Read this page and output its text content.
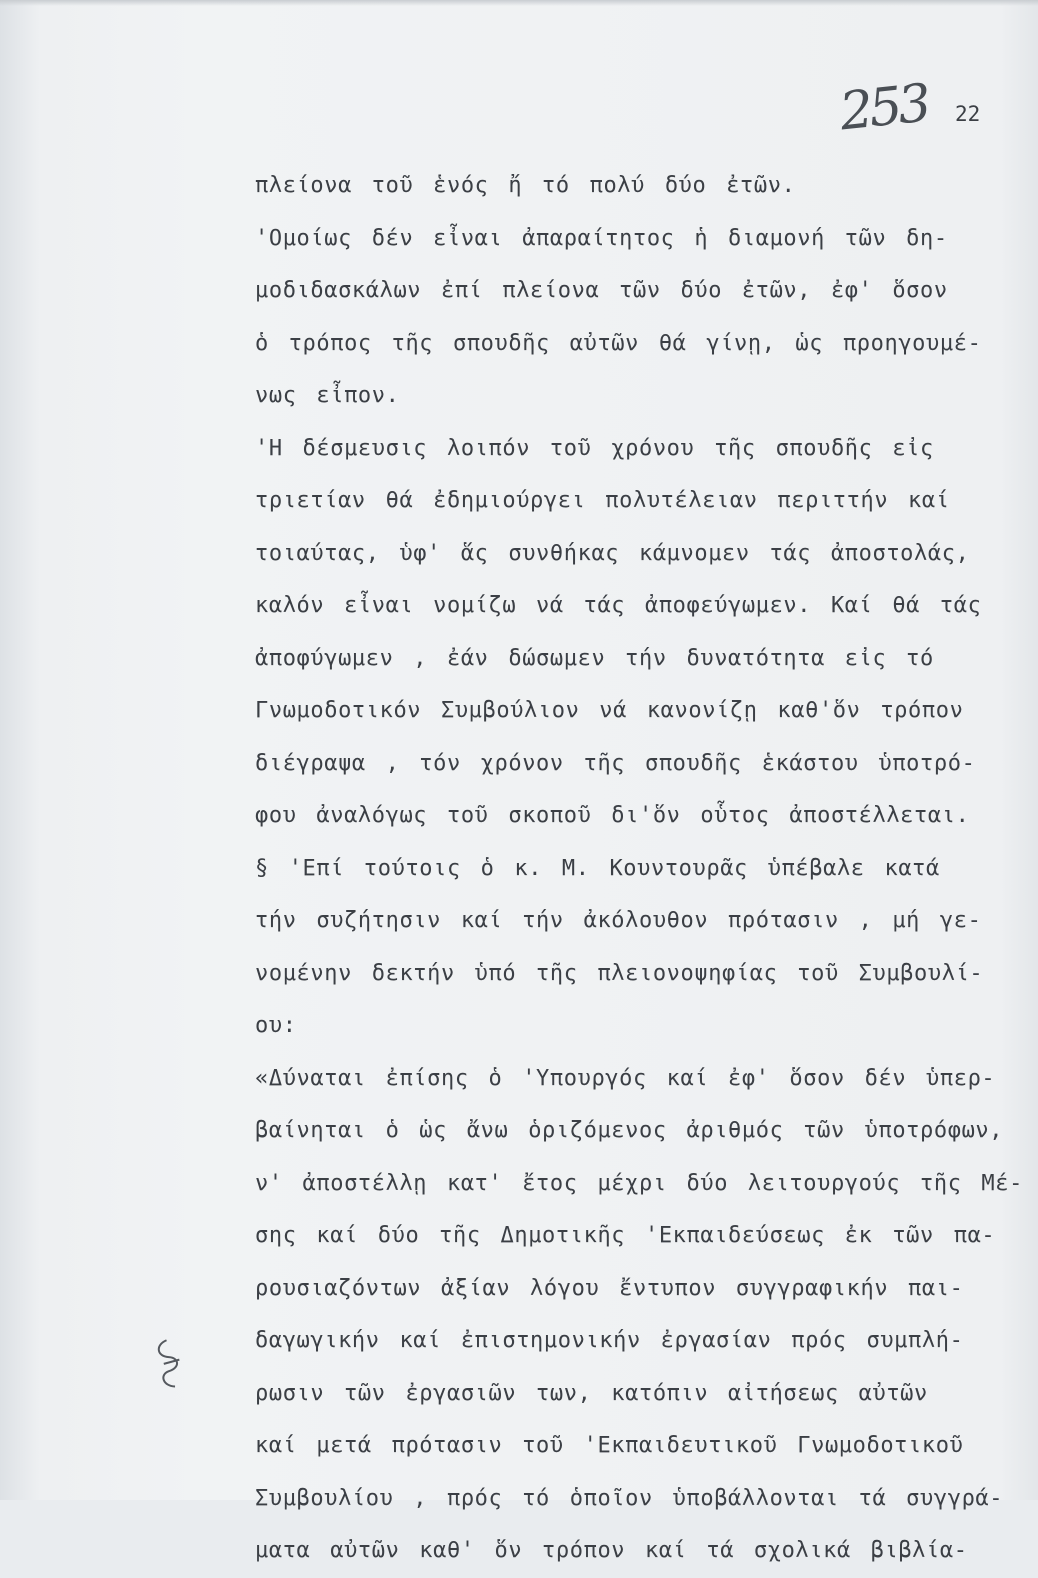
253 22
πλείονα τοῦ ἑνός ἤ τό πολύ δύο ἐτῶν.
'Ομοίως δέν εἶναι ἀπαραίτητος ἡ διαμονή τῶν δη-
μοδιδασκάλων ἐπί πλείονα τῶν δύο ἐτῶν, ἐφ' ὅσον
ὁ τρόπος τῆς σπουδῆς αὐτῶν θά γίνῃ, ὡς προηγουμέ-
νως εἶπον.
'Η δέσμευσις λοιπόν τοῦ χρόνου τῆς σπουδῆς εἰς
τριετίαν θά ἐδημιούργει πολυτέλειαν περιττήν καί
τοιαύτας, ὑφ' ἅς συνθήκας κάμνομεν τάς ἀποστολάς,
καλόν εἶναι νομίζω νά τάς ἀποφεύγωμεν. Καί θά τάς
ἀποφύγωμεν , ἐάν δώσωμεν τήν δυνατότητα εἰς τό
Γνωμοδοτικόν Συμβούλιον νά κανονίζῃ καθ'ὅν τρόπον
διέγραψα , τόν χρόνον τῆς σπουδῆς ἑκάστου ὑποτρό-
φου ἀναλόγως τοῦ σκοποῦ δι'ὅν οὗτος ἀποστέλλεται.
§ 'Επί τούτοις ὁ κ. Μ. Κουντουρᾶς ὑπέβαλε κατά
τήν συζήτησιν καί τήν ἀκόλουθον πρότασιν , μή γε-
νομένην δεκτήν ὑπό τῆς πλειονοψηφίας τοῦ Συμβουλί-
ου:
«Δύναται ἐπίσης ὁ 'Υπουργός καί ἐφ' ὅσον δέν ὑπερ-
βαίνηται ὁ ὡς ἄνω ὁριζόμενος ἀριθμός τῶν ὑποτρόφων,
ν' ἀποστέλλῃ κατ' ἔτος μέχρι δύο λειτουργούς τῆς Μέ-
σης καί δύο τῆς Δημοτικῆς 'Εκπαιδεύσεως ἐκ τῶν πα-
ρουσιαζόντων ἀξίαν λόγου ἔντυπον συγγραφικήν παι-
δαγωγικήν καί ἐπιστημονικήν ἐργασίαν πρός συμπλή-
ρωσιν τῶν ἐργασιῶν των, κατόπιν αἰτήσεως αὐτῶν
καί μετά πρότασιν τοῦ 'Εκπαιδευτικοῦ Γνωμοδοτικοῦ
Συμβουλίου , πρός τό ὁποῖον ὑποβάλλονται τά συγγρά-
ματα αὐτῶν καθ' ὅν τρόπον καί τά σχολικά βιβλία-
